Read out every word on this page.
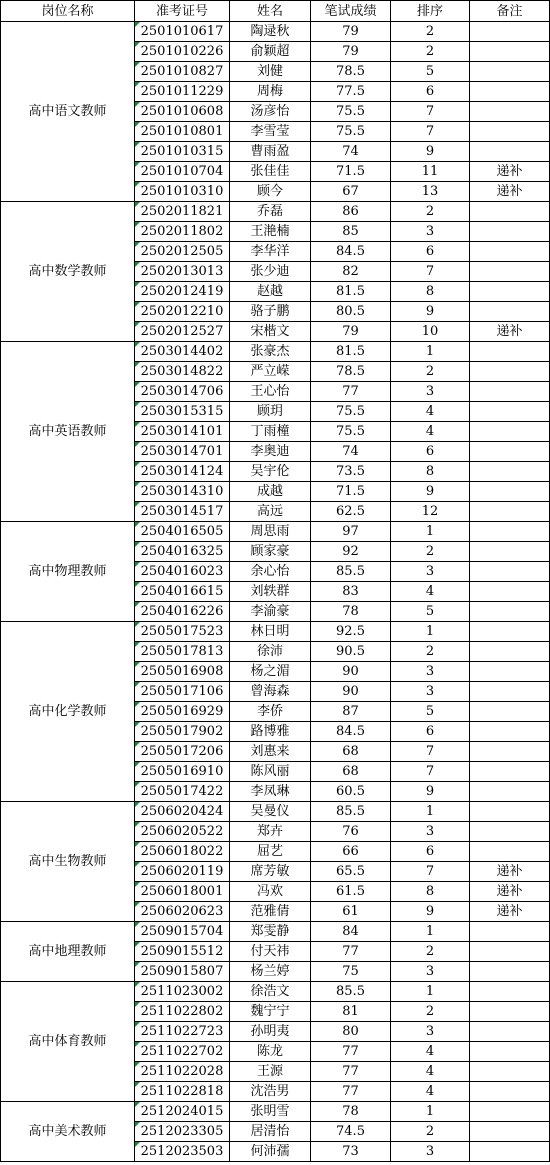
岗位名称	准考证号	姓名	笔试成绩	排序	备注
高中语文教师	2501010617	陶逯秋	79	2	
	2501010226	俞颖超	79	2	
	2501010827	刘健	78.5	5	
	2501011229	周梅	77.5	6	
	2501010608	汤彦怡	75.5	7	
	2501010801	李雪莹	75.5	7	
	2501010315	曹雨盈	74	9	
	2501010704	张佳佳	71.5	11	递补
	2501010310	顾今	67	13	递补
高中数学教师	2502011821	乔磊	86	2	
	2502011802	王滟楠	85	3	
	2502012505	李华洋	84.5	6	
	2502013013	张少迪	82	7	
	2502012419	赵越	81.5	8	
	2502012210	骆子鹏	80.5	9	
	2502012527	宋楷文	79	10	递补
高中英语教师	2503014402	张豪杰	81.5	1	
	2503014822	严立嵘	78.5	2	
	2503014706	王心怡	77	3	
	2503015315	顾玥	75.5	4	
	2503014101	丁雨橦	75.5	4	
	2503014701	李奥迪	74	6	
	2503014124	吴宇伦	73.5	8	
	2503014310	成越	71.5	9	
	2503014517	高远	62.5	12	
高中物理教师	2504016505	周思雨	97	1	
	2504016325	顾家豪	92	2	
	2504016023	余心怡	85.5	3	
	2504016615	刘轶群	83	4	
	2504016226	李渝豪	78	5	
高中化学教师	2505017523	林日明	92.5	1	
	2505017813	徐沛	90.5	2	
	2505016908	杨之湄	90	3	
	2505017106	曾海森	90	3	
	2505016929	李侨	87	5	
	2505017902	路博雅	84.5	6	
	2505017206	刘惠来	68	7	
	2505016910	陈风丽	68	7	
	2505017422	李凤琳	60.5	9	
高中生物教师	2506020424	吴曼仪	85.5	1	
	2506020522	郑卉	76	3	
	2506018022	屈艺	66	6	
	2506020119	席芳敏	65.5	7	递补
	2506018001	冯欢	61.5	8	递补
	2506020623	范雅倩	61	9	递补
高中地理教师	2509015704	郑雯静	84	1	
	2509015512	付天祎	77	2	
	2509015807	杨兰婷	75	3	
高中体育教师	2511023002	徐浩文	85.5	1	
	2511022802	魏宁宁	81	2	
	2511022723	孙明夷	80	3	
	2511022702	陈龙	77	4	
	2511022028	王源	77	4	
	2511022818	沈浩男	77	4	
高中美术教师	2512024015	张明雪	78	1	
	2512023305	居清怡	74.5	2	
	2512023503	何沛孺	73	3	
